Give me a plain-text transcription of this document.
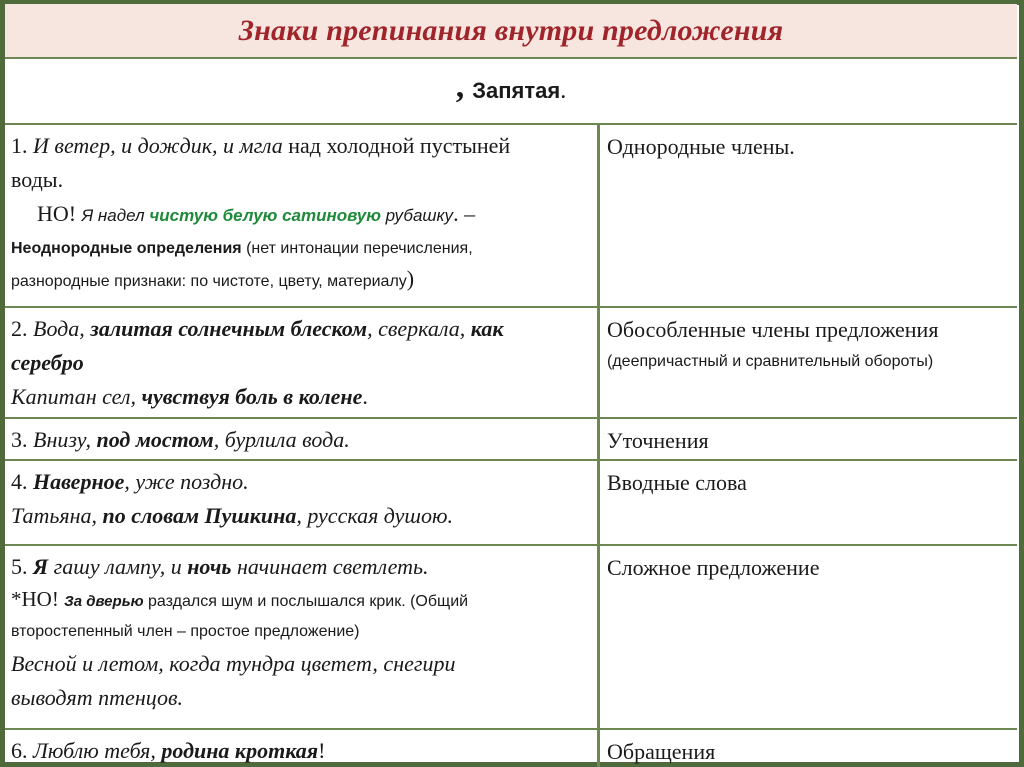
Знаки препинания внутри предложения
, Запятая .
1. И ветер, и дождик, и мгла над холодной пустыней
воды.
НО! Я надел чистую белую сатиновую рубашку. –
Неоднородные определения (нет интонации перечисления,
разнородные признаки: по чистоте, цвету, материалу)
Однородные члены.
2. Вода, залитая солнечным блеском, сверкала, как
серебро
Капитан сел, чувствуя боль в колене.
Обособленные члены предложения
(деепричастный и сравнительный обороты)
3. Внизу, под мостом, бурлила вода.	Уточнения
4. Наверное, уже поздно.
Татьяна, по словам Пушкина, русская душою.
Вводные слова
5. Я гашу лампу, и ночь начинает светлеть.
*НО! За дверью раздался шум и послышался крик. (Общий
второстепенный член – простое предложение)
Весной и летом, когда тундра цветет, снегири
выводят птенцов.
Сложное предложение
6. Люблю тебя, родина кроткая!	Обращения
